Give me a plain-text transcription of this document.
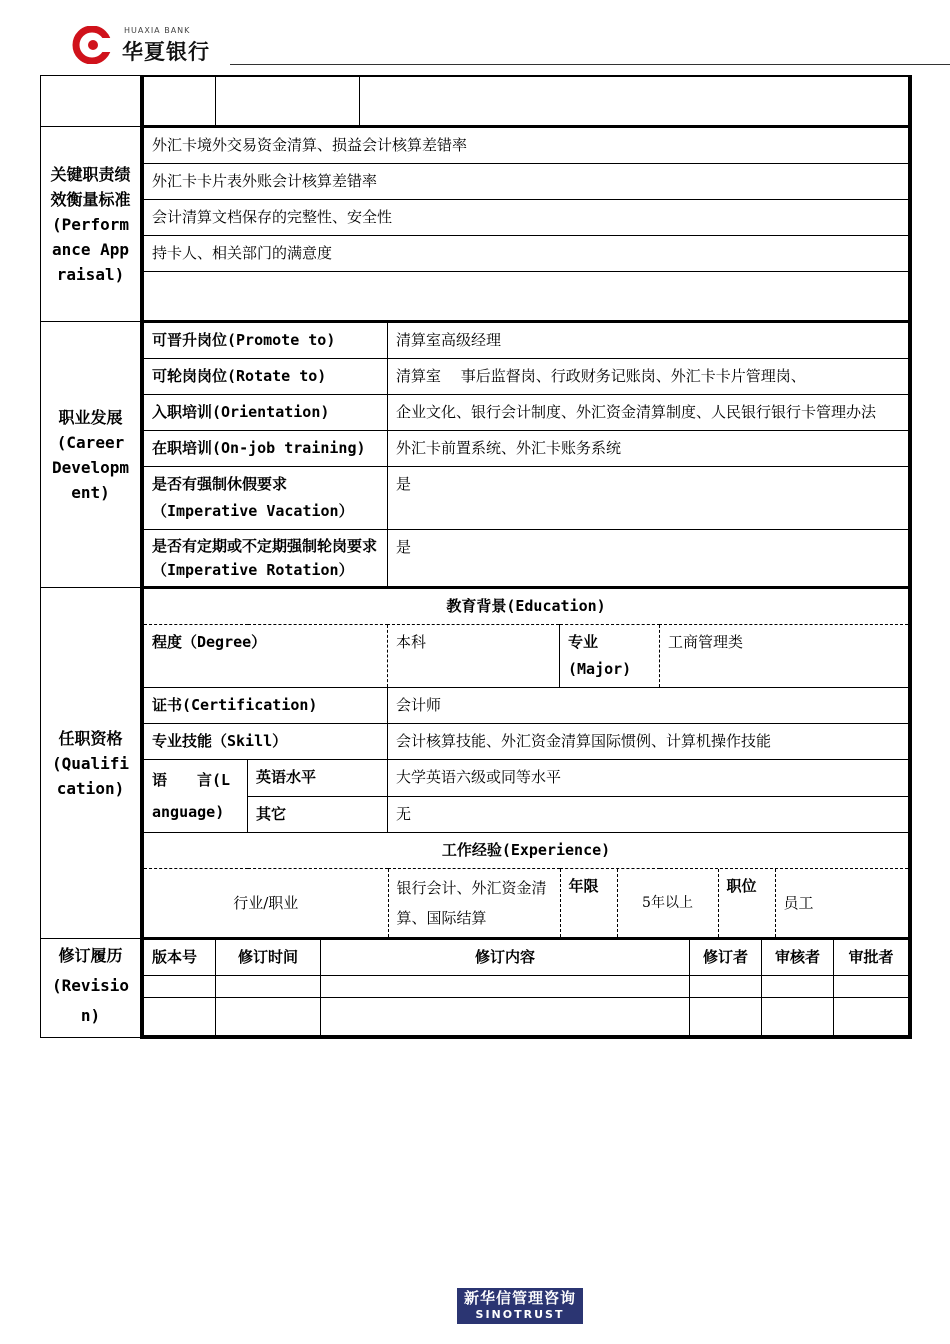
HUAXIA BANK
华夏银行

关键职责绩效衡量标准(Performance Appraisal)

外汇卡境外交易资金清算、损益会计核算差错率
外汇卡卡片表外账会计核算差错率
会计清算文档保存的完整性、安全性
持卡人、相关部门的满意度

职业发展(Career Development)

可晋升岗位(Promote to)	清算室高级经理
可轮岗岗位(Rotate to)	清算室　 事后监督岗、行政财务记账岗、外汇卡卡片管理岗、
入职培训(Orientation)	企业文化、银行会计制度、外汇资金清算制度、人民银行银行卡管理办法
在职培训(On-job training)	外汇卡前置系统、外汇卡账务系统
是否有强制休假要求 （Imperative Vacation）	是
是否有定期或不定期强制轮岗要求（Imperative Rotation）	是

任职资格(Qualification)

教育背景(Education)
程度（Degree）	本科	专业(Major)	工商管理类
证书(Certification)	会计师
专业技能（Skill）	会计核算技能、外汇资金清算国际惯例、计算机操作技能
语　　言(Language)	英语水平	大学英语六级或同等水平
其它	无
工作经验(Experience)

行业/职业	银行会计、外汇资金清算、国际结算	年限	5年以上	职位	员工

修订履历(Revision)

版本号	修订时间	修订内容	修订者	审核者	审批者

新华信管理咨询
SINOTRUST
